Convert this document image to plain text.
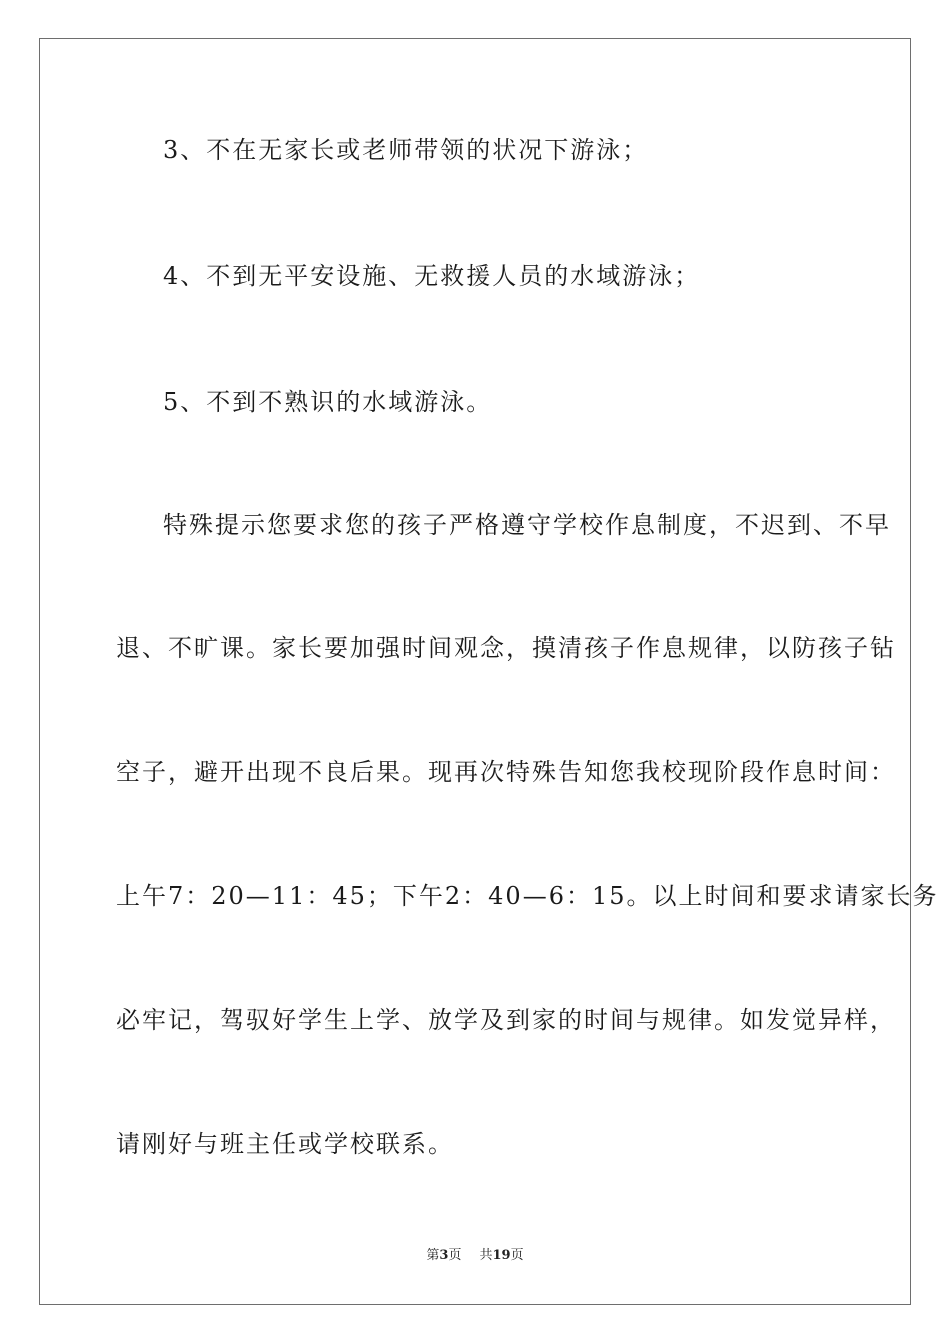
3、不在无家长或老师带领的状况下游泳；
4、不到无平安设施、无救援人员的水域游泳；
5、不到不熟识的水域游泳。
特殊提示您要求您的孩子严格遵守学校作息制度，不迟到、不早
退、不旷课。家长要加强时间观念，摸清孩子作息规律，以防孩子钻
空子，避开出现不良后果。现再次特殊告知您我校现阶段作息时间：
上午7：20—11：45；下午2：40—6：15。以上时间和要求请家长务
必牢记，驾驭好学生上学、放学及到家的时间与规律。如发觉异样，
请刚好与班主任或学校联系。
第3页 共19页
